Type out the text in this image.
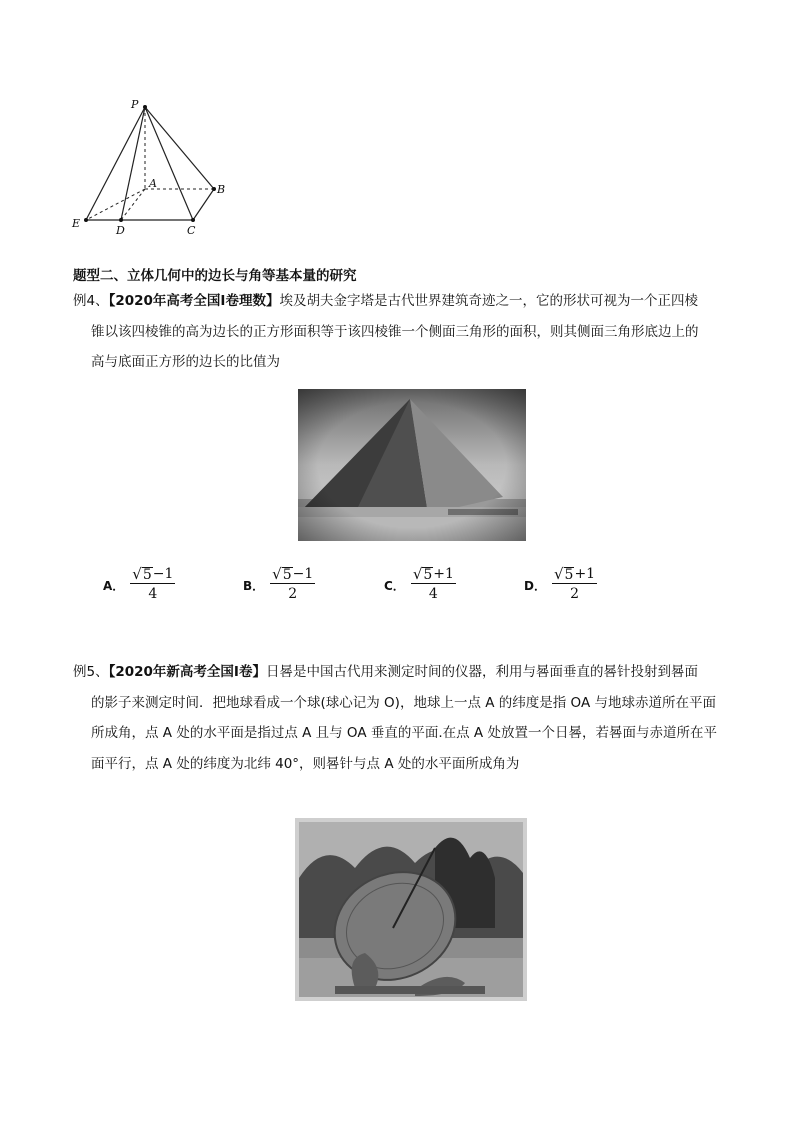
P
A	B
C
D
E
题型二、立体几何中的边长与角等基本量的研究
例4、【2020年高考全国Ⅰ卷理数】埃及胡夫金字塔是古代世界建筑奇迹之一，它的形状可视为一个正四棱
锥以该四棱锥的高为边长的正方形面积等于该四棱锥一个侧面三角形的面积，则其侧面三角形底边上的
高与底面正方形的边长的比值为
A． $\frac{√ 5 -1}{4}$	B． $\frac{√ 5 -1}{2}$	C． $\frac{√ 5 +1}{4}$	D． $\frac{√ 5 +1}{2}$
例5、【2020年新高考全国Ⅰ卷】日晷是中国古代用来测定时间的仪器，利用与晷面垂直的晷针投射到晷面
的影子来测定时间．把地球看成一个球(球心记为 O)，地球上一点 A 的纬度是指 OA 与地球赤道所在平面
所成角，点 A 处的水平面是指过点 A 且与 OA 垂直的平面.在点 A 处放置一个日晷，若晷面与赤道所在平
面平行，点 A 处的纬度为北纬 40°，则晷针与点 A 处的水平面所成角为
